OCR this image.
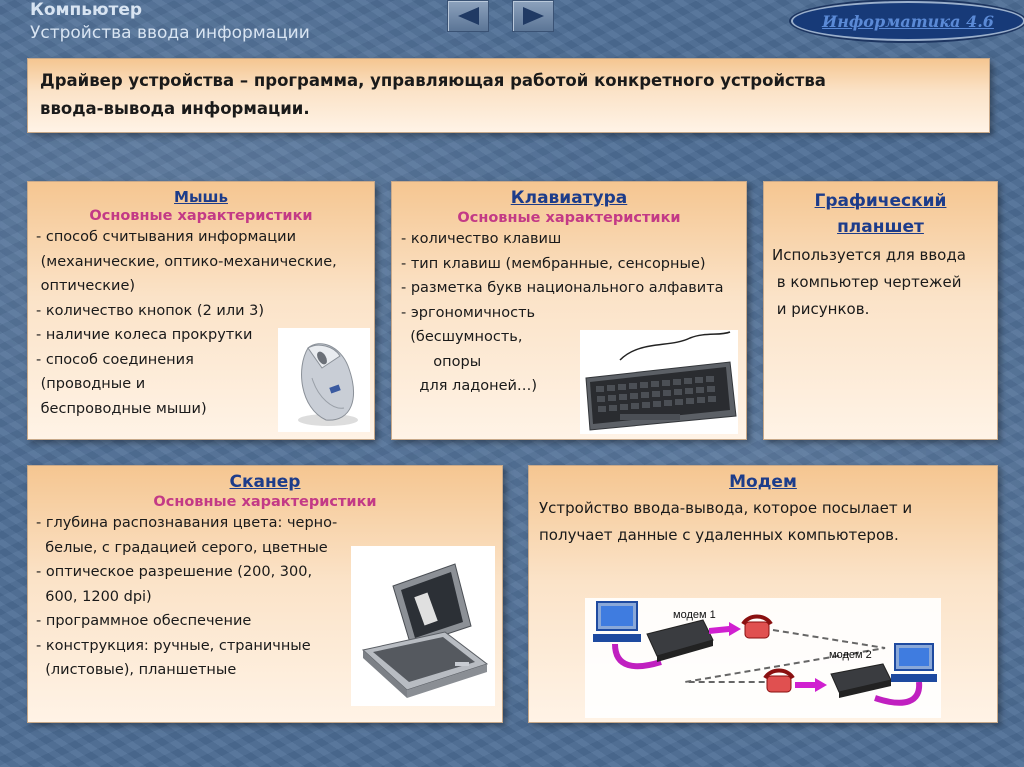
Компьютер
Устройства ввода информации
Информатика 4.6
Драйвер устройства – программа, управляющая работой конкретного устройства
ввода-вывода информации.
Мышь
Основные характеристики
- способ считывания информации
(механические, оптико-механические,
оптические)
- количество кнопок (2 или 3)
- наличие колеса прокрутки
- способ соединения
(проводные и
беспроводные мыши)
Клавиатура
Основные характеристики
- количество клавиш
- тип клавиш (мембранные, сенсорные)
- разметка букв национального алфавита
- эргономичность
(бесшумность,
опоры
для ладоней…)
Графический
планшет
Используется для ввода
в компьютер чертежей
и рисунков.
Сканер
Основные характеристики
- глубина распознавания цвета: черно-
белые, с градацией серого, цветные
- оптическое разрешение (200, 300,
600, 1200 dpi)
- программное обеспечение
- конструкция: ручные, страничные
(листовые), планшетные
Модем
Устройство ввода-вывода, которое посылает и
получает данные с удаленных компьютеров.
модем 1
модем 2
